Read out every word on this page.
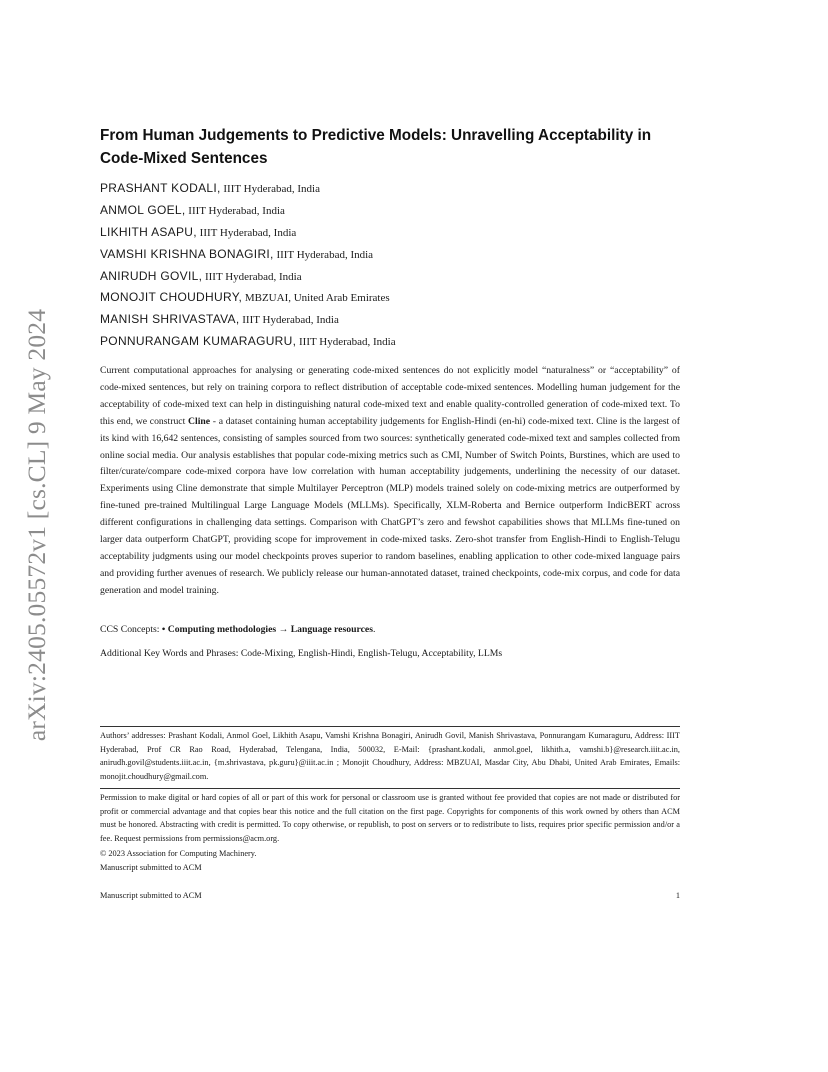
arXiv:2405.05572v1 [cs.CL] 9 May 2024
From Human Judgements to Predictive Models: Unravelling Acceptability in Code-Mixed Sentences
PRASHANT KODALI, IIIT Hyderabad, India
ANMOL GOEL, IIIT Hyderabad, India
LIKHITH ASAPU, IIIT Hyderabad, India
VAMSHI KRISHNA BONAGIRI, IIIT Hyderabad, India
ANIRUDH GOVIL, IIIT Hyderabad, India
MONOJIT CHOUDHURY, MBZUAI, United Arab Emirates
MANISH SHRIVASTAVA, IIIT Hyderabad, India
PONNURANGAM KUMARAGURU, IIIT Hyderabad, India

Current computational approaches for analysing or generating code-mixed sentences do not explicitly model “naturalness” or “acceptability” of code-mixed sentences, but rely on training corpora to reflect distribution of acceptable code-mixed sentences. Modelling human judgement for the acceptability of code-mixed text can help in distinguishing natural code-mixed text and enable quality-controlled generation of code-mixed text. To this end, we construct Cline - a dataset containing human acceptability judgements for English-Hindi (en-hi) code-mixed text. Cline is the largest of its kind with 16,642 sentences, consisting of samples sourced from two sources: synthetically generated code-mixed text and samples collected from online social media. Our analysis establishes that popular code-mixing metrics such as CMI, Number of Switch Points, Burstines, which are used to filter/curate/compare code-mixed corpora have low correlation with human acceptability judgements, underlining the necessity of our dataset. Experiments using Cline demonstrate that simple Multilayer Perceptron (MLP) models trained solely on code-mixing metrics are outperformed by fine-tuned pre-trained Multilingual Large Language Models (MLLMs). Specifically, XLM-Roberta and Bernice outperform IndicBERT across different configurations in challenging data settings. Comparison with ChatGPT’s zero and fewshot capabilities shows that MLLMs fine-tuned on larger data outperform ChatGPT, providing scope for improvement in code-mixed tasks. Zero-shot transfer from English-Hindi to English-Telugu acceptability judgments using our model checkpoints proves superior to random baselines, enabling application to other code-mixed language pairs and providing further avenues of research. We publicly release our human-annotated dataset, trained checkpoints, code-mix corpus, and code for data generation and model training.

CCS Concepts: • Computing methodologies → Language resources.
Additional Key Words and Phrases: Code-Mixing, English-Hindi, English-Telugu, Acceptability, LLMs

Authors’ addresses: Prashant Kodali, Anmol Goel, Likhith Asapu, Vamshi Krishna Bonagiri, Anirudh Govil, Manish Shrivastava, Ponnurangam Kumaraguru, Address: IIIT Hyderabad, Prof CR Rao Road, Hyderabad, Telengana, India, 500032, E-Mail: {prashant.kodali, anmol.goel, likhith.a, vamshi.b}@research.iiit.ac.in, anirudh.govil@students.iiit.ac.in, {m.shrivastava, pk.guru}@iiit.ac.in ; Monojit Choudhury, Address: MBZUAI, Masdar City, Abu Dhabi, United Arab Emirates, Emails: monojit.choudhury@gmail.com.

Permission to make digital or hard copies of all or part of this work for personal or classroom use is granted without fee provided that copies are not made or distributed for profit or commercial advantage and that copies bear this notice and the full citation on the first page. Copyrights for components of this work owned by others than ACM must be honored. Abstracting with credit is permitted. To copy otherwise, or republish, to post on servers or to redistribute to lists, requires prior specific permission and/or a fee. Request permissions from permissions@acm.org.

© 2023 Association for Computing Machinery.
Manuscript submitted to ACM
Manuscript submitted to ACM	1
